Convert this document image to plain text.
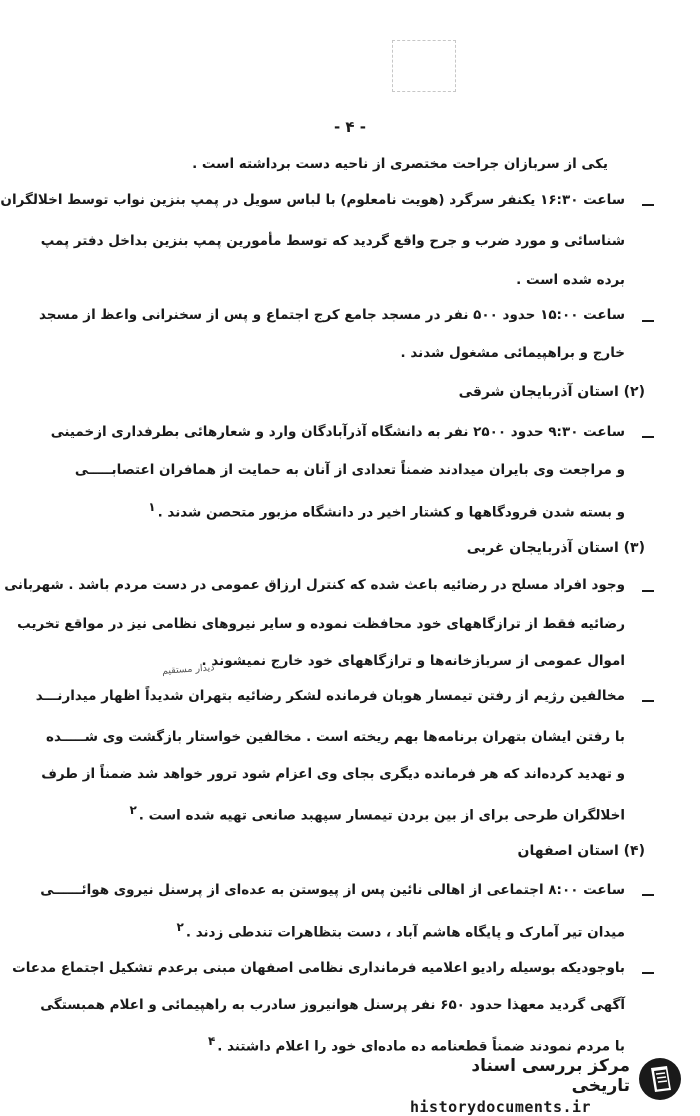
- ۴ -
یکی از سربازان جراحت مختصری از ناحیه دست برداشته است .
ساعت ۱۶:۳۰ یکنفر سرگرد (هویت نامعلوم) با لباس سویل در پمپ بنزین نواب توسط اخلالگران
شناسائی و مورد ضرب و جرح واقع گردید که توسط مأمورین پمپ بنزین بداخل دفتر پمپ
برده شده است .
ساعت ۱۵:۰۰ حدود ۵۰۰ نفر در مسجد جامع کرج اجتماع و پس از سخنرانی واعظ از مسجد
خارج و براهپیمائی مشغول شدند .
(۲) استان آذربایجان شرقی
ساعت ۹:۳۰ حدود ۲۵۰۰ نفر به دانشگاه آذرآبادگان وارد و شعارهائی بطرفداری ازخمینی
و مراجعت وی بایران میدادند ضمناً تعدادی از آنان به حمایت از همافران اعتصابـــــی
و بسته شدن فرودگاهها و کشتار اخیر در دانشگاه مزبور متحصن شدند .۱
(۳) استان آذربایجان غربی
وجود افراد مسلح در رضائیه باعث شده که کنترل ارزاق عمومی در دست مردم باشد . شهربانی
رضائیه فقط از ترازگاههای خود محافظت نموده و سایر نیروهای نظامی نیز در مواقع تخریب
اموال عمومی از سربازخانه‌ها و ترازگاههای خود خارج نمیشوند .
دیدار مستقیم
مخالفین رژیم از رفتن تیمسار هوبان فرمانده لشکر رضائیه بتهران شدیداً اظهار میدارنـــد
با رفتن ایشان بتهران برنامه‌ها بهم ریخته است . مخالفین خواستار بازگشت وی شـــــده
و تهدید کرده‌اند که هر فرمانده دیگری بجای وی اعزام شود ترور خواهد شد ضمناً از طرف
اخلالگران طرحی برای از بین بردن تیمسار سپهبد صانعی تهیه شده است .۲
(۴) استان اصفهان
ساعت ۸:۰۰ اجتماعی از اهالی نائین پس از پیوستن به عده‌ای از پرسنل نیروی هوائــــــی
میدان تیر آمارک و پایگاه هاشم آباد ، دست بتظاهرات تندطی زدند .۲
باوجودیکه بوسیله رادیو اعلامیه فرمانداری نظامی اصفهان مبنی برعدم تشکیل اجتماع مدعات
آگهی گردید معهذا حدود ۶۵۰ نفر پرسنل هوانیروز سادرب به راهپیمائی و اعلام همبستگی
با مردم نمودند ضمناً قطعنامه ده ماده‌ای خود را اعلام داشتند .۴
مرکز بررسی اسناد تاریخی
historydocuments.ir
